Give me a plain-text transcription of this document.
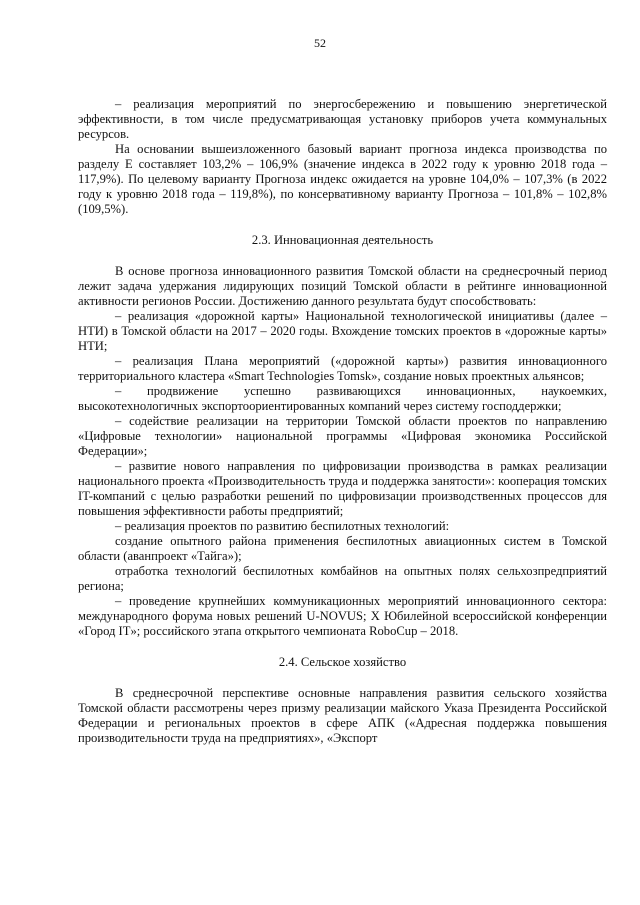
52

– реализация мероприятий по энергосбережению и повышению энергетической эффективности, в том числе предусматривающая установку приборов учета коммунальных ресурсов.

На основании вышеизложенного базовый вариант прогноза индекса производства по разделу E составляет 103,2% – 106,9% (значение индекса в 2022 году к уровню 2018 года – 117,9%). По целевому варианту Прогноза индекс ожидается на уровне 104,0% – 107,3% (в 2022 году к уровню 2018 года – 119,8%), по консервативному варианту Прогноза – 101,8% – 102,8% (109,5%).

2.3. Инновационная деятельность

В основе прогноза инновационного развития Томской области на среднесрочный период лежит задача удержания лидирующих позиций Томской области в рейтинге инновационной активности регионов России. Достижению данного результата будут способствовать:

– реализация «дорожной карты» Национальной технологической инициативы (далее – НТИ) в Томской области на 2017 – 2020 годы. Вхождение томских проектов в «дорожные карты» НТИ;

– реализация Плана мероприятий («дорожной карты») развития инновационного территориального кластера «Smart Technologies Tomsk», создание новых проектных альянсов;

– продвижение успешно развивающихся инновационных, наукоемких, высокотехнологичных экспортоориентированных компаний через систему господдержки;

– содействие реализации на территории Томской области проектов по направлению «Цифровые технологии» национальной программы «Цифровая экономика Российской Федерации»;

– развитие нового направления по цифровизации производства в рамках реализации национального проекта «Производительность труда и поддержка занятости»: кооперация томских IT-компаний с целью разработки решений по цифровизации производственных процессов для повышения эффективности работы предприятий;

– реализация проектов по развитию беспилотных технологий:

создание опытного района применения беспилотных авиационных систем в Томской области (аванпроект «Тайга»);

отработка технологий беспилотных комбайнов на опытных полях сельхозпредприятий региона;

– проведение крупнейших коммуникационных мероприятий инновационного сектора: международного форума новых решений U-NOVUS; X Юбилейной всероссийской конференции «Город IT»; российского этапа открытого чемпионата RoboCup – 2018.

2.4. Сельское хозяйство

В среднесрочной перспективе основные направления развития сельского хозяйства Томской области рассмотрены через призму реализации майского Указа Президента Российской Федерации и региональных проектов в сфере АПК («Адресная поддержка повышения производительности труда на предприятиях», «Экспорт
